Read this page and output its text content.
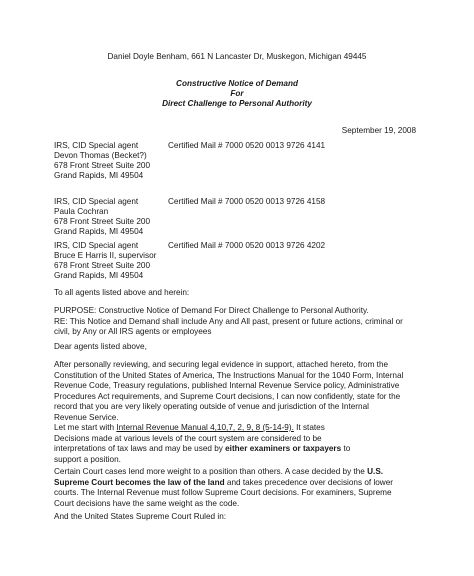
Daniel Doyle Benham, 661 N Lancaster Dr, Muskegon, Michigan 49445
Constructive Notice of Demand
For
Direct Challenge to Personal Authority
September 19, 2008
IRS, CID Special agent	Certified Mail # 7000 0520 0013 9726 4141
Devon Thomas (Becket?)
678 Front Street Suite 200
Grand Rapids, MI 49504
IRS, CID Special agent	Certified Mail # 7000 0520 0013 9726 4158
Paula Cochran
678 Front Street Suite 200
Grand Rapids, MI 49504
IRS, CID Special agent	Certified Mail # 7000 0520 0013 9726 4202
Bruce E Harris II, supervisor
678 Front Street Suite 200
Grand Rapids, MI 49504
To all agents listed above and herein:

PURPOSE: Constructive Notice of Demand For Direct Challenge to Personal Authority.

RE: This Notice and Demand shall include Any and All past, present or future actions, criminal or

civil, by Any or All IRS agents or employees

Dear agents listed above,

After personally reviewing, and securing legal evidence in support, attached hereto, from the

Constitution of the United States of America, The Instructions Manual for the 1040 Form, Internal

Revenue Code, Treasury regulations, published Internal Revenue Service policy, Administrative

Procedures Act requirements, and Supreme Court decisions, I can now confidently, state for the

record that you are very likely operating outside of venue and jurisdiction of the Internal

Revenue Service.

Let me start with Internal Revenue Manual 4,10,7, 2, 9, 8 (5-14-9). It states

Decisions made at various levels of the court system are considered to be

interpretations of tax laws and may be used by either examiners or taxpayers to

support a position.

Certain Court cases lend more weight to a position than others. A case decided by the U.S.

Supreme Court becomes the law of the land and takes precedence over decisions of lower

courts. The Internal Revenue must follow Supreme Court decisions. For examiners, Supreme

Court decisions have the same weight as the code.

And the United States Supreme Court Ruled in:
